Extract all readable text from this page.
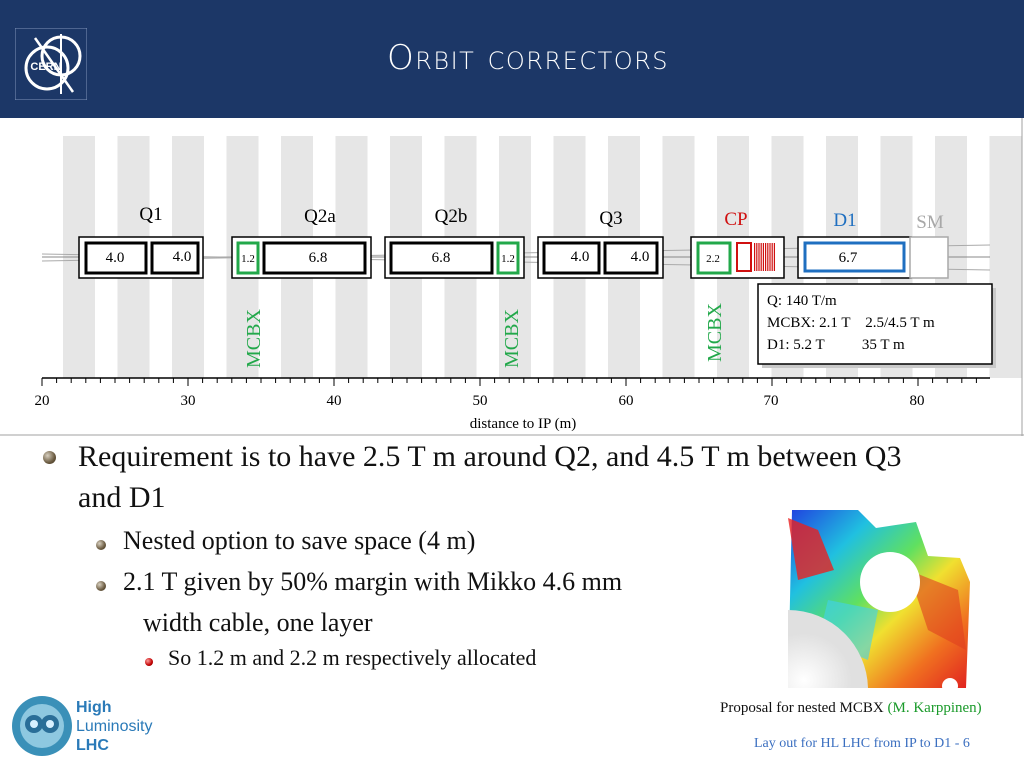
CERN	Orbit correctors
4.0	4.0
Q1
1.2	6.8
Q2a
6.8	1.2
Q2b
4.0	4.0
Q3
2.2
CP
6.7
D1	SM
MCBX	MCBX	MCBX
Q: 140 T/m
MCBX: 2.1 T    2.5/4.5 T m
D1: 5.2 T          35 T m
20	30	40	50	60	70	80
distance to IP (m)
Requirement is to have 2.5 T m around Q2, and 4.5 T m between Q3 and D1
Nested option to save space (4 m)
2.1 T given by 50% margin with Mikko 4.6 mm
width cable, one layer
So 1.2 m and 2.2 m respectively allocated
Proposal for nested MCBX (M. Karppinen)
High
Luminosity
LHC	Lay out for HL LHC from IP to D1 - 6
